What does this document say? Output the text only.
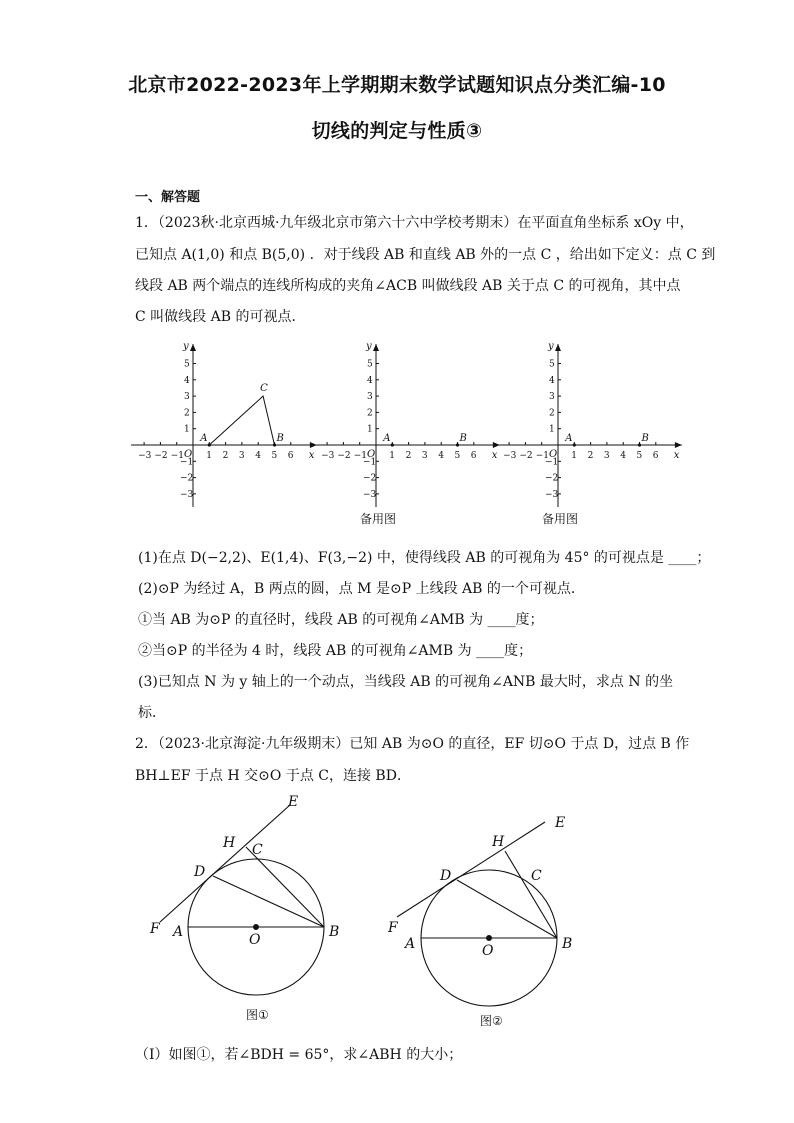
北京市2022-2023年上学期期末数学试题知识点分类汇编-10
切线的判定与性质③
一、解答题
1．（2023秋·北京西城·九年级北京市第六十六中学校考期末）在平面直角坐标系 xOy 中，
已知点 A(1,0) 和点 B(5,0) ．对于线段 AB 和直线 AB 外的一点 C ，给出如下定义：点 C 到
线段 AB 两个端点的连线所构成的夹角∠ACB 叫做线段 AB 关于点 C 的可视角，其中点
C 叫做线段 AB 的可视点．
−3 −2 −1 1 2 3 4 5 6
5
4
3
2
1
−1
−2
−3
O	x
y
A	B
C
−3 −2 −1 1 2 3 4 5 6
5
4
3
2
1
−1
−2
−3
O	x
y
A	B
−3 −2 −1 1 2 3 4 5 6
5
4
3
2
1
−1
−2
−3
O	x
y
A	B
备用图	备用图
(1)在点 D(−2,2)、E(1,4)、F(3,−2) 中，使得线段 AB 的可视角为 45° 的可视点是 ____；
(2)⊙P 为经过 A，B 两点的圆，点 M 是⊙P 上线段 AB 的一个可视点．
①当 AB 为⊙P 的直径时，线段 AB 的可视角∠AMB 为 ____度；
②当⊙P 的半径为 4 时，线段 AB 的可视角∠AMB 为 ____度；
(3)已知点 N 为 y 轴上的一个动点，当线段 AB 的可视角∠ANB 最大时，求点 N 的坐
标．
2．（2023·北京海淀·九年级期末）已知 AB 为⊙O 的直径，EF 切⊙O 于点 D，过点 B 作
BH⊥EF 于点 H 交⊙O 于点 C，连接 BD．
E
H C
D
F A	O	B
图①
E
H
C
D
F
A	O	B
图②
（I）如图①，若∠BDH = 65°，求∠ABH 的大小；
